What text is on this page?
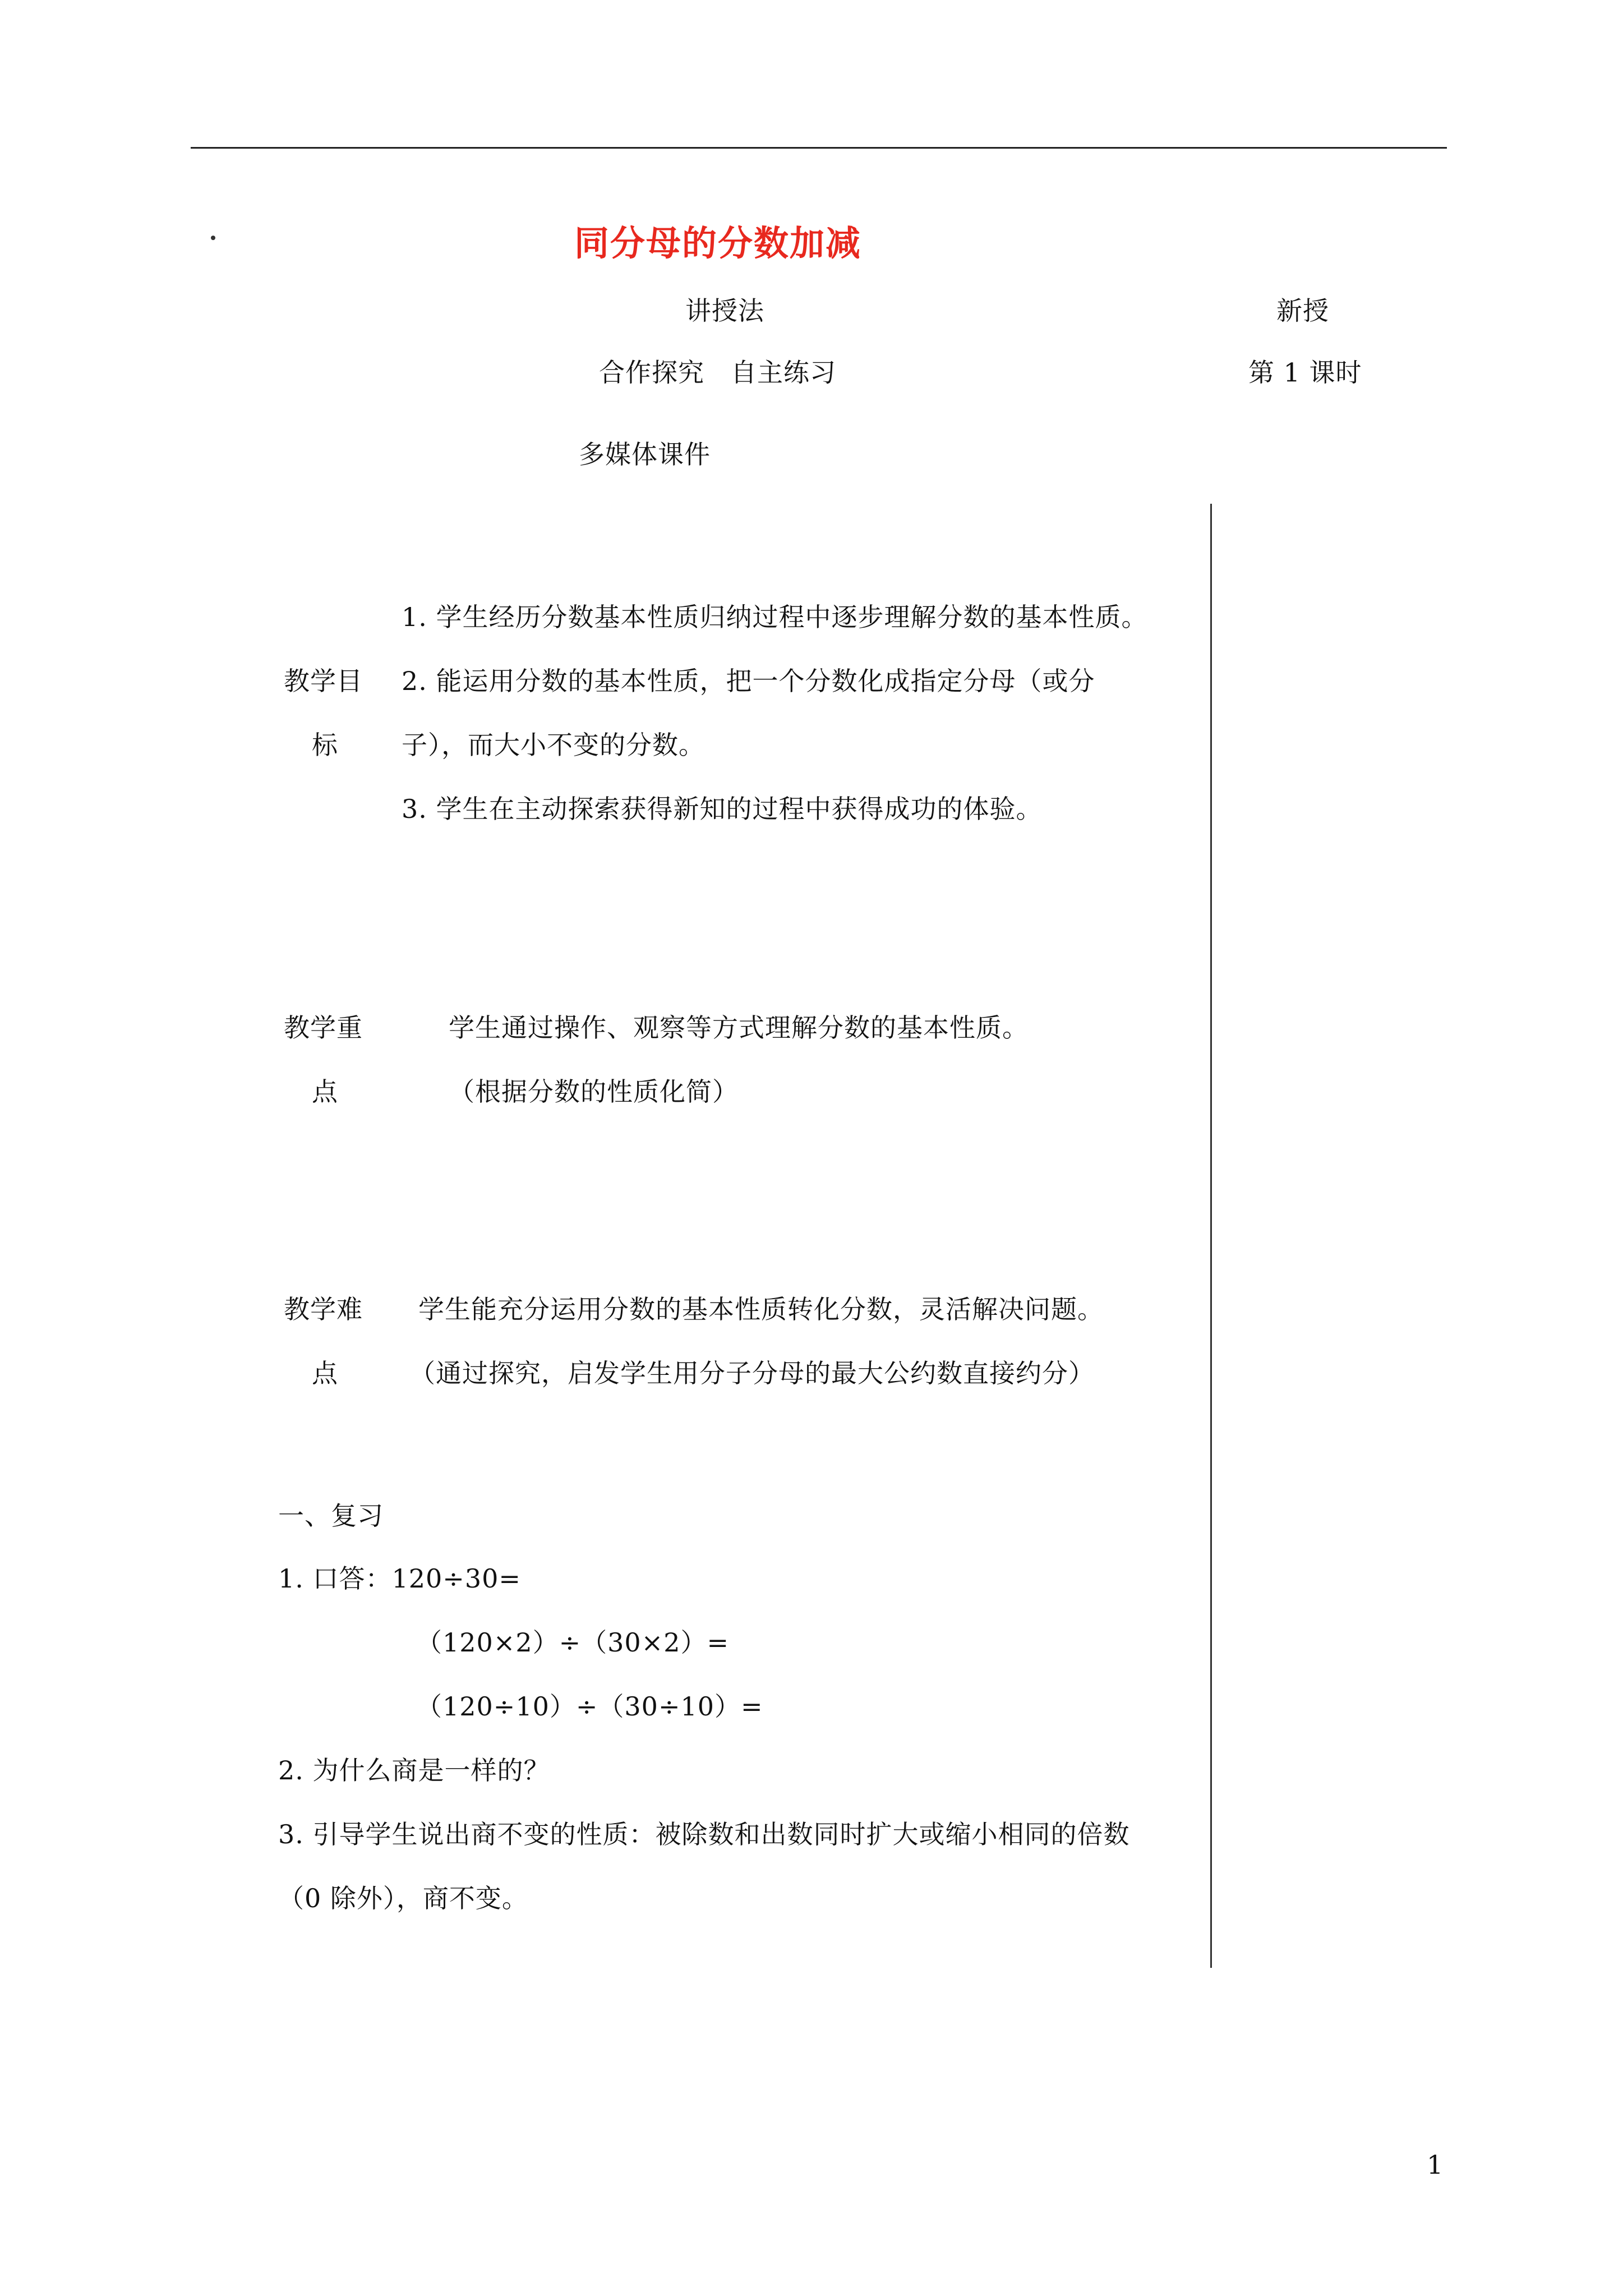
同分母的分数加减
讲授法	新授
合作探究　自主练习	第 1 课时
多媒体课件
教学目
标
1. 学生经历分数基本性质归纳过程中逐步理解分数的基本性质。
2. 能运用分数的基本性质，把一个分数化成指定分母（或分
子），而大小不变的分数。
3. 学生在主动探索获得新知的过程中获得成功的体验。
教学重
点
学生通过操作、观察等方式理解分数的基本性质。
（根据分数的性质化简）
教学难
点
学生能充分运用分数的基本性质转化分数，灵活解决问题。
（通过探究，启发学生用分子分母的最大公约数直接约分）
一、复习
1. 口答：120÷30=
（120×2）÷（30×2）=
（120÷10）÷（30÷10）=
2. 为什么商是一样的？
3. 引导学生说出商不变的性质：被除数和出数同时扩大或缩小相同的倍数
（0 除外），商不变。
1
